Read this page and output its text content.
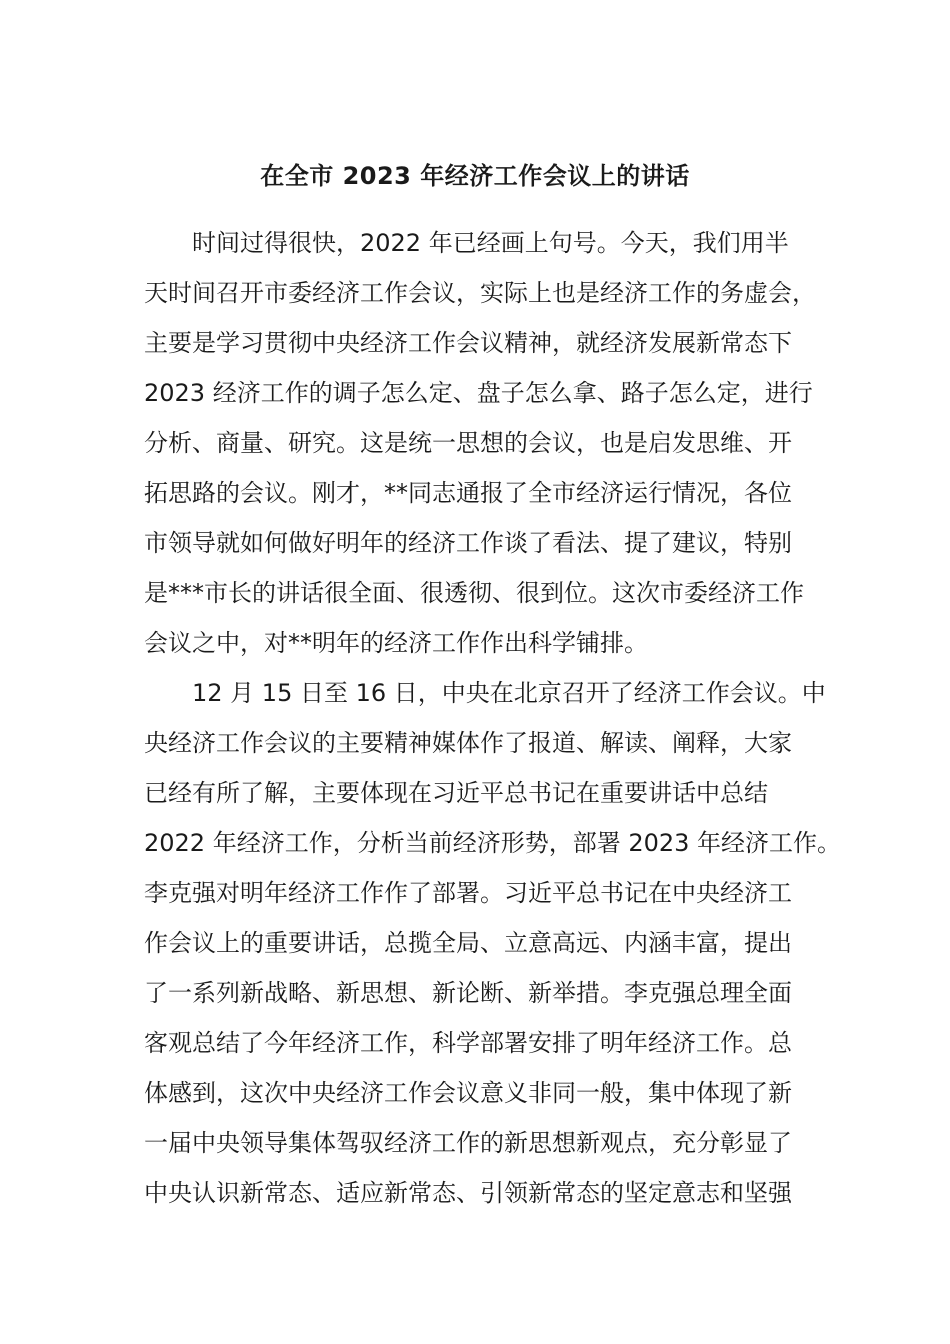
在全市 2023 年经济工作会议上的讲话
时间过得很快，2022 年已经画上句号。今天，我们用半
天时间召开市委经济工作会议，实际上也是经济工作的务虚会，
主要是学习贯彻中央经济工作会议精神，就经济发展新常态下
2023 经济工作的调子怎么定、盘子怎么拿、路子怎么定，进行
分析、商量、研究。这是统一思想的会议，也是启发思维、开
拓思路的会议。刚才，**同志通报了全市经济运行情况，各位
市领导就如何做好明年的经济工作谈了看法、提了建议，特别
是***市长的讲话很全面、很透彻、很到位。这次市委经济工作
会议之中，对**明年的经济工作作出科学铺排。
12 月 15 日至 16 日，中央在北京召开了经济工作会议。中
央经济工作会议的主要精神媒体作了报道、解读、阐释，大家
已经有所了解，主要体现在习近平总书记在重要讲话中总结
2022 年经济工作，分析当前经济形势，部署 2023 年经济工作。
李克强对明年经济工作作了部署。习近平总书记在中央经济工
作会议上的重要讲话，总揽全局、立意高远、内涵丰富，提出
了一系列新战略、新思想、新论断、新举措。李克强总理全面
客观总结了今年经济工作，科学部署安排了明年经济工作。总
体感到，这次中央经济工作会议意义非同一般，集中体现了新
一届中央领导集体驾驭经济工作的新思想新观点，充分彰显了
中央认识新常态、适应新常态、引领新常态的坚定意志和坚强
